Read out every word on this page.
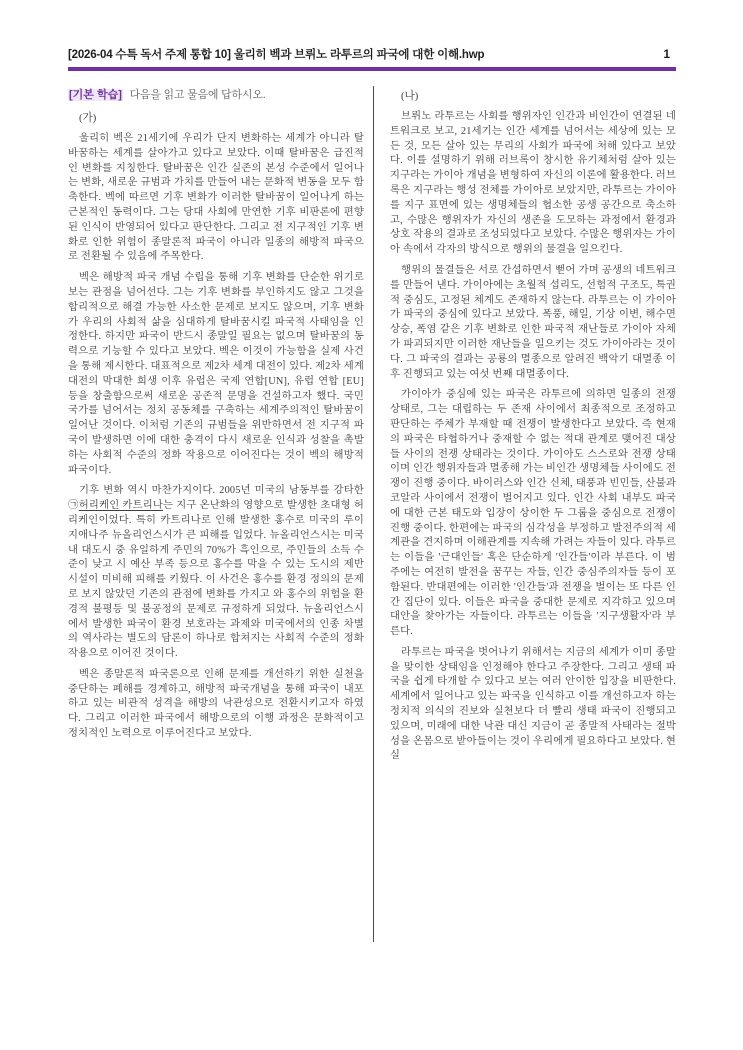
[2026-04 수특 독서 주제 통합 10] 울리히 벡과 브뤼노 라투르의 파국에 대한 이해.hwp	1
[기본 학습] 다음을 읽고 물음에 답하시오.
(가)

울리히 벡은 21세기에 우리가 단지 변화하는 세계가 아니라 탈바꿈하는 세계를 살아가고 있다고 보았다. 이때 탈바꿈은 급진적인 변화를 지칭한다. 탈바꿈은 인간 실존의 본성 수준에서 일어나는 변화, 새로운 규범과 가치를 만들어 내는 문화적 변동을 모두 함축한다. 벡에 따르면 기후 변화가 이러한 탈바꿈이 일어나게 하는 근본적인 동력이다. 그는 당대 사회에 만연한 기후 비판론에 편향된 인식이 반영되어 있다고 판단한다. 그리고 전 지구적인 기후 변화로 인한 위험이 종말론적 파국이 아니라 일종의 해방적 파국으로 전환될 수 있음에 주목한다.

벡은 해방적 파국 개념 수립을 통해 기후 변화를 단순한 위기로 보는 관점을 넘어선다. 그는 기후 변화를 부인하지도 않고 그것을 합리적으로 해결 가능한 사소한 문제로 보지도 않으며, 기후 변화가 우리의 사회적 삶을 심대하게 탈바꿈시킬 파국적 사태임을 인정한다. 하지만 파국이 반드시 종말일 필요는 없으며 탈바꿈의 동력으로 기능할 수 있다고 보았다. 벡은 이것이 가능함을 실제 사건을 통해 제시한다. 대표적으로 제2차 세계 대전이 있다. 제2차 세계 대전의 막대한 희생 이후 유럽은 국제 연합[UN], 유럽 연합 [EU] 등을 창출함으로써 새로운 공존적 문명을 건설하고자 했다. 국민국가를 넘어서는 정치 공동체를 구축하는 세계주의적인 탈바꿈이 일어난 것이다. 이처럼 기존의 규범들을 위반하면서 전 지구적 파국이 발생하면 이에 대한 충격이 다시 새로운 인식과 성찰을 촉발하는 사회적 수준의 정화 작용으로 이어진다는 것이 벡의 해방적 파국이다.

기후 변화 역시 마찬가지이다. 2005년 미국의 남동부를 강타한 ㉠허리케인 카트리나는 지구 온난화의 영향으로 발생한 초대형 허리케인이었다. 특히 카트리나로 인해 발생한 홍수로 미국의 루이지애나주 뉴올리언스시가 큰 피해를 입었다. 뉴올리언스시는 미국 내 대도시 중 유일하게 주민의 70%가 흑인으로, 주민들의 소득 수준이 낮고 시 예산 부족 등으로 홍수를 막을 수 있는 도시의 제반 시설이 미비해 피해를 키웠다. 이 사건은 홍수를 환경 정의의 문제로 보지 않았던 기존의 관점에 변화를 가지고 와 홍수의 위험을 환경적 불평등 및 불공정의 문제로 규정하게 되었다. 뉴올리언스시에서 발생한 파국이 환경 보호라는 과제와 미국에서의 인종 차별의 역사라는 별도의 담론이 하나로 합쳐지는 사회적 수준의 정화 작용으로 이어진 것이다.

벡은 종말론적 파국론으로 인해 문제를 개선하기 위한 실천을 중단하는 폐해를 경계하고, 해방적 파국개념을 통해 파국이 내포하고 있는 비관적 성격을 해방의 낙관성으로 전환시키고자 하였다. 그리고 이러한 파국에서 해방으로의 이행 과정은 문화적이고 정치적인 노력으로 이루어진다고 보았다.

(나)

브뤼노 라투르는 사회를 행위자인 인간과 비인간이 연결된 네트워크로 보고, 21세기는 인간 세계를 넘어서는 세상에 있는 모든 것, 모든 살아 있는 무리의 사회가 파국에 처해 있다고 보았다. 이를 설명하기 위해 러브록이 창시한 유기체처럼 살아 있는 지구라는 가이아 개념을 변형하여 자신의 이론에 활용한다. 러브록은 지구라는 행성 전체를 가이아로 보았지만, 라투르는 가이아를 지구 표면에 있는 생명체들의 협소한 공생 공간으로 축소하고, 수많은 행위자가 자신의 생존을 도모하는 과정에서 환경과 상호 작용의 결과로 조성되었다고 보았다. 수많은 행위자는 가이아 속에서 각자의 방식으로 행위의 물결을 일으킨다.

행위의 물결들은 서로 간섭하면서 뻗어 가며 공생의 네트워크를 만들어 낸다. 가이아에는 초월적 섭리도, 선험적 구조도, 특권적 중심도, 고정된 체계도 존재하지 않는다. 라투르는 이 가이아가 파국의 중심에 있다고 보았다. 폭풍, 해일, 기상 이변, 해수면 상승, 폭염 같은 기후 변화로 인한 파국적 재난들로 가이아 자체가 파괴되지만 이러한 재난들을 일으키는 것도 가이아라는 것이다. 그 파국의 결과는 공룡의 멸종으로 알려진 백악기 대멸종 이후 진행되고 있는 여섯 번째 대멸종이다.

가이아가 중심에 있는 파국은 라투르에 의하면 일종의 전쟁 상태로, 그는 대립하는 두 존재 사이에서 최종적으로 조정하고 판단하는 주체가 부재할 때 전쟁이 발생한다고 보았다. 즉 현재의 파국은 타협하거나 중재할 수 없는 적대 관계로 맺어진 대상들 사이의 전쟁 상태라는 것이다. 가이아도 스스로와 전쟁 상태이며 인간 행위자들과 멸종해 가는 비인간 생명체들 사이에도 전쟁이 진행 중이다. 바이러스와 인간 신체, 태풍과 빈민들, 산불과 코알라 사이에서 전쟁이 벌어지고 있다. 인간 사회 내부도 파국에 대한 근본 태도와 입장이 상이한 두 그룹을 중심으로 전쟁이 진행 중이다. 한편에는 파국의 심각성을 부정하고 발전주의적 세계관을 견지하며 이해관계를 지속해 가려는 자들이 있다. 라투르는 이들을 '근대인들' 혹은 단순하게 '인간들'이라 부른다. 이 범주에는 여전히 발전을 꿈꾸는 자들, 인간 중심주의자들 등이 포함된다. 반대편에는 이러한 '인간들'과 전쟁을 벌이는 또 다른 인간 집단이 있다. 이들은 파국을 중대한 문제로 지각하고 있으며 대안을 찾아가는 자들이다. 라투르는 이들을 '지구생활자'라 부른다.

라투르는 파국을 벗어나기 위해서는 지금의 세계가 이미 종말을 맞이한 상태임을 인정해야 한다고 주장한다. 그리고 생태 파국을 쉽게 타개할 수 있다고 보는 여러 안이한 입장을 비판한다. 세계에서 일어나고 있는 파국을 인식하고 이를 개선하고자 하는 정치적 의식의 진보와 실천보다 더 빨리 생태 파국이 진행되고 있으며, 미래에 대한 낙관 대신 지금이 곧 종말적 사태라는 절박성을 온몸으로 받아들이는 것이 우리에게 필요하다고 보았다. 현실
